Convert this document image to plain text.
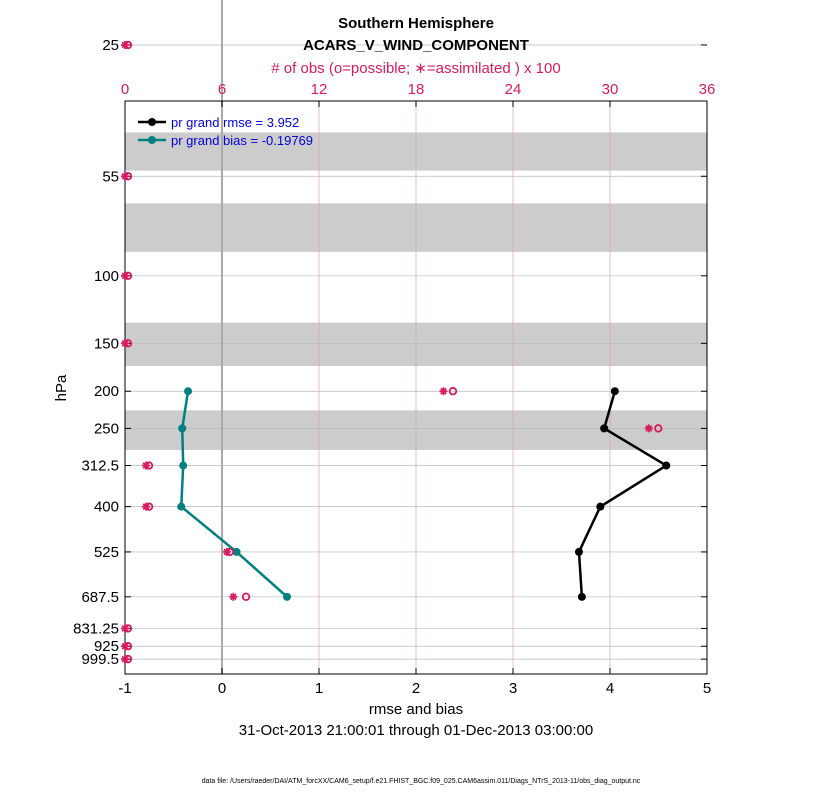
-1	0	1	2	3	4	5
0	6	12	18	24	30	36
25
55
100
150
200
250
312.5
400
525
687.5
831.25
925
999.5
Southern Hemisphere
ACARS_V_WIND_COMPONENT
# of obs (o=possible; ∗=assimilated ) x 100
rmse and bias
31-Oct-2013 21:00:01 through 01-Dec-2013 03:00:00
hPa
data file: /Users/raeder/DAI/ATM_forcXX/CAM6_setup/f.e21.FHIST_BGC.f09_025.CAM6assim.011/Diags_NTrS_2013-11/obs_diag_output.nc
pr grand rmse = 3.952
pr grand bias = -0.19769
